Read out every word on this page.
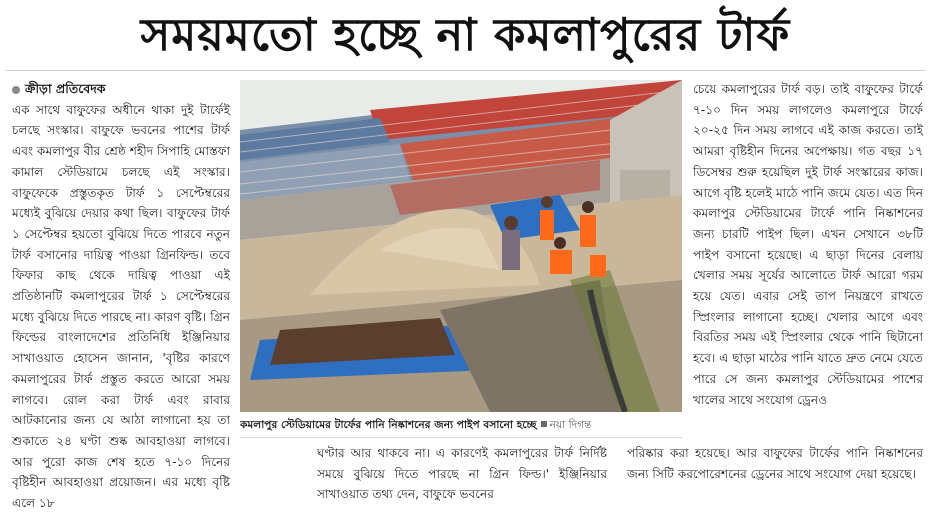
সময়মতো হচ্ছে না কমলাপুরের টার্ফ

ক্রীড়া প্রতিবেদক

এক সাথে বাফুফের অধীনে থাকা দুই টার্ফেই চলছে সংস্কার। বাফুফে ভবনের পাশের টার্ফ এবং কমলাপুর বীর শ্রেষ্ঠ শহীদ সিপাহি মোস্তফা কামাল স্টেডিয়ামে চলছে এই সংস্কার। বাফুফেকে প্রস্তুতকৃত টার্ফ ১ সেপ্টেম্বরের মধ্যেই বুঝিয়ে দেয়ার কথা ছিল। বাফুফের টার্ফ ১ সেপ্টেম্বর হয়তো বুঝিয়ে দিতে পারবে নতুন টার্ফ বসানোর দায়িত্ব পাওয়া গ্রিনফিল্ড। তবে ফিফার কাছ থেকে দায়িত্ব পাওয়া এই প্রতিষ্ঠানটি কমলাপুরের টার্ফ ১ সেপ্টেম্বরের মধ্যে বুঝিয়ে দিতে পারছে না। কারণ বৃষ্টি। গ্রিন ফিল্ডের বাংলাদেশের প্রতিনিধি ইঞ্জিনিয়ার সাখাওয়াত হোসেন জানান, 'বৃষ্টির কারণে কমলাপুরের টার্ফ প্রস্তুত করতে আরো সময় লাগবে। রোল করা টার্ফ এবং রাবার আটকানোর জন্য যে আঠা লাগানো হয় তা শুকাতে ২৪ ঘণ্টা শুষ্ক আবহাওয়া লাগবে। আর পুরো কাজ শেষ হতে ৭-১০ দিনের বৃষ্টিহীন আবহাওয়া প্রয়োজন। এর মধ্যে বৃষ্টি এলে ১৮

কমলাপুর স্টেডিয়ামের টার্ফের পানি নিষ্কাশনের জন্য পাইপ বসানো হচ্ছে নয়া দিগন্ত

ঘণ্টার আর থাকবে না। এ কারণেই কমলাপুরের টার্ফ নির্দিষ্ট সময়ে বুঝিয়ে দিতে পারছে না গ্রিন ফিল্ড।' ইঞ্জিনিয়ার সাখাওয়াত তথ্য দেন, বাফুফে ভবনের

চেয়ে কমলাপুরের টার্ফ বড়। তাই বাফুফের টার্ফে ৭-১০ দিন সময় লাগলেও কমলাপুরে টার্ফে ২০-২৫ দিন সময় লাগবে এই কাজ করতে। তাই আমরা বৃষ্টিহীন দিনের অপেক্ষায়। গত বছর ১৭ ডিসেম্বর শুরু হয়েছিল দুই টার্ফ সংস্কারের কাজ। আগে বৃষ্টি হলেই মাঠে পানি জমে যেত। এত দিন কমলাপুর স্টেডিয়ামের টার্ফে পানি নিষ্কাশনের জন্য চারটি পাইপ ছিল। এখন সেখানে ৩৮টি পাইপ বসানো হয়েছে। এ ছাড়া দিনের বেলায় খেলার সময় সূর্যের আলোতে টার্ফ আরো গরম হয়ে যেত। এবার সেই তাপ নিয়ন্ত্রণে রাখতে স্প্রিংলার লাগানো হচ্ছে। খেলার আগে এবং বিরতির সময় এই স্প্রিংলার থেকে পানি ছিটানো হবে। এ ছাড়া মাঠের পানি যাতে দ্রুত নেমে যেতে পারে সে জন্য কমলাপুর স্টেডিয়ামের পাশের খালের সাথে সংযোগ ড্রেনও

পরিষ্কার করা হয়েছে। আর বাফুফের টার্ফের পানি নিষ্কাশনের জন্য সিটি করপোরেশনের ড্রেনের সাথে সংযোগ দেয়া হয়েছে।
